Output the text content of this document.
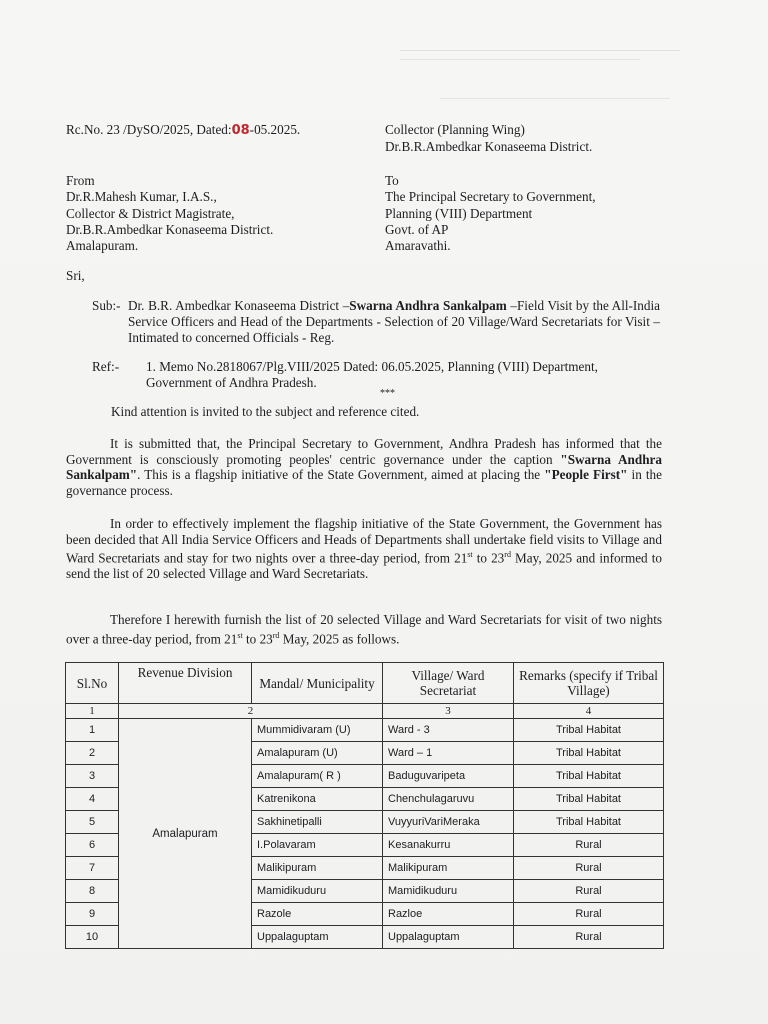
Rc.No. 23 /DySO/2025, Dated:08-05.2025.	Collector (Planning Wing)
Dr.B.R.Ambedkar Konaseema District.
From
Dr.R.Mahesh Kumar, I.A.S.,
Collector & District Magistrate,
Dr.B.R.Ambedkar Konaseema District.
Amalapuram.
To
The Principal Secretary to Government,
Planning (VIII) Department
Govt. of AP
Amaravathi.
Sri,
Sub:- Dr. B.R. Ambedkar Konaseema District –Swarna Andhra Sankalpam –Field Visit by the All-India Service Officers and Head of the Departments - Selection of 20 Village/Ward Secretariats for Visit –Intimated to concerned Officials - Reg.
Ref:- 1. Memo No.2818067/Plg.VIII/2025 Dated: 06.05.2025, Planning (VIII) Department, Government of Andhra Pradesh.
***
Kind attention is invited to the subject and reference cited.
It is submitted that, the Principal Secretary to Government, Andhra Pradesh has informed that the Government is consciously promoting peoples' centric governance under the caption "Swarna Andhra Sankalpam". This is a flagship initiative of the State Government, aimed at placing the "People First" in the governance process.
In order to effectively implement the flagship initiative of the State Government, the Government has been decided that All India Service Officers and Heads of Departments shall undertake field visits to Village and Ward Secretariats and stay for two nights over a three-day period, from 21st to 23rd May, 2025 and informed to send the list of 20 selected Village and Ward Secretariats.
Therefore I herewith furnish the list of 20 selected Village and Ward Secretariats for visit of two nights over a three-day period, from 21st to 23rd May, 2025 as follows.
Sl.No	Revenue Division	Mandal/ Municipality	Village/ Ward Secretariat	Remarks (specify if Tribal Village)
1	2		3	4
1	Amalapuram	Mummidivaram (U)	Ward - 3	Tribal Habitat
2		Amalapuram (U)	Ward – 1	Tribal Habitat
3		Amalapuram( R )	Baduguvaripeta	Tribal Habitat
4		Katrenikona	Chenchulagaruvu	Tribal Habitat
5		Sakhinetipalli	VuyyuriVariMeraka	Tribal Habitat
6		I.Polavaram	Kesanakurru	Rural
7		Malikipuram	Malikipuram	Rural
8		Mamidikuduru	Mamidikuduru	Rural
9		Razole	Razloe	Rural
10		Uppalaguptam	Uppalaguptam	Rural
